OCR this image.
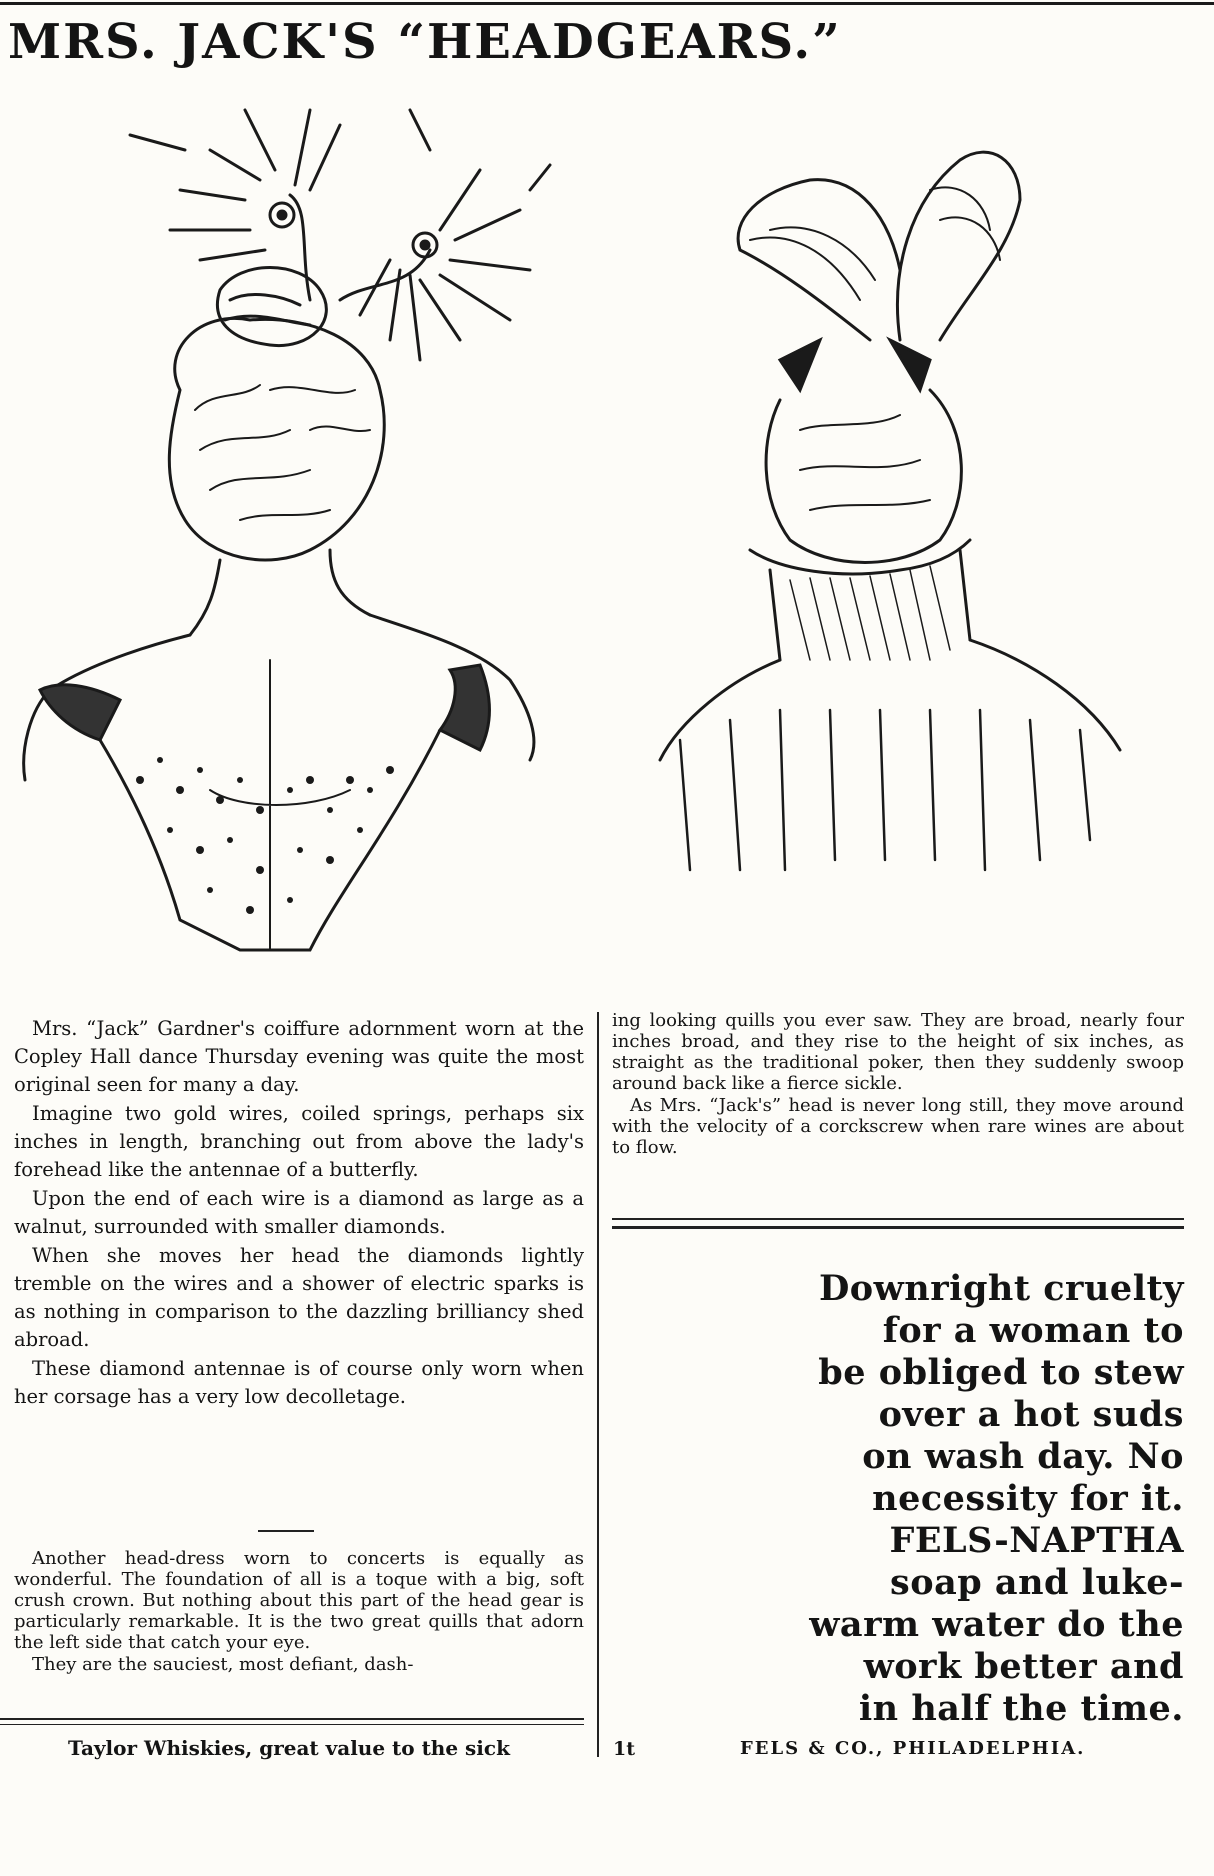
MRS. JACK'S “HEADGEARS.”

Mrs. “Jack” Gardner's coiffure adornment worn at the Copley Hall dance Thursday evening was quite the most original seen for many a day.

Imagine two gold wires, coiled springs, perhaps six inches in length, branching out from above the lady's forehead like the antennae of a butterfly.

Upon the end of each wire is a diamond as large as a walnut, surrounded with smaller diamonds.

When she moves her head the diamonds lightly tremble on the wires and a shower of electric sparks is as nothing in comparison to the dazzling brilliancy shed abroad.

These diamond antennae is of course only worn when her corsage has a very low decolletage.

Another head-dress worn to concerts is equally as wonderful. The foundation of all is a toque with a big, soft crush crown. But nothing about this part of the head gear is particularly remarkable. It is the two great quills that adorn the left side that catch your eye.

They are the sauciest, most defiant, dash-

ing looking quills you ever saw. They are broad, nearly four inches broad, and they rise to the height of six inches, as straight as the traditional poker, then they suddenly swoop around back like a fierce sickle.

As Mrs. “Jack's” head is never long still, they move around with the velocity of a corckscrew when rare wines are about to flow.

Downright cruelty
for a woman to
be obliged to stew
over a hot suds
on wash day. No
necessity for it.
FELS-NAPTHA
soap and luke-
warm water do the
work better and
in half the time.
Taylor Whiskies, great value to the sick	1t	FELS & CO., PHILADELPHIA.
